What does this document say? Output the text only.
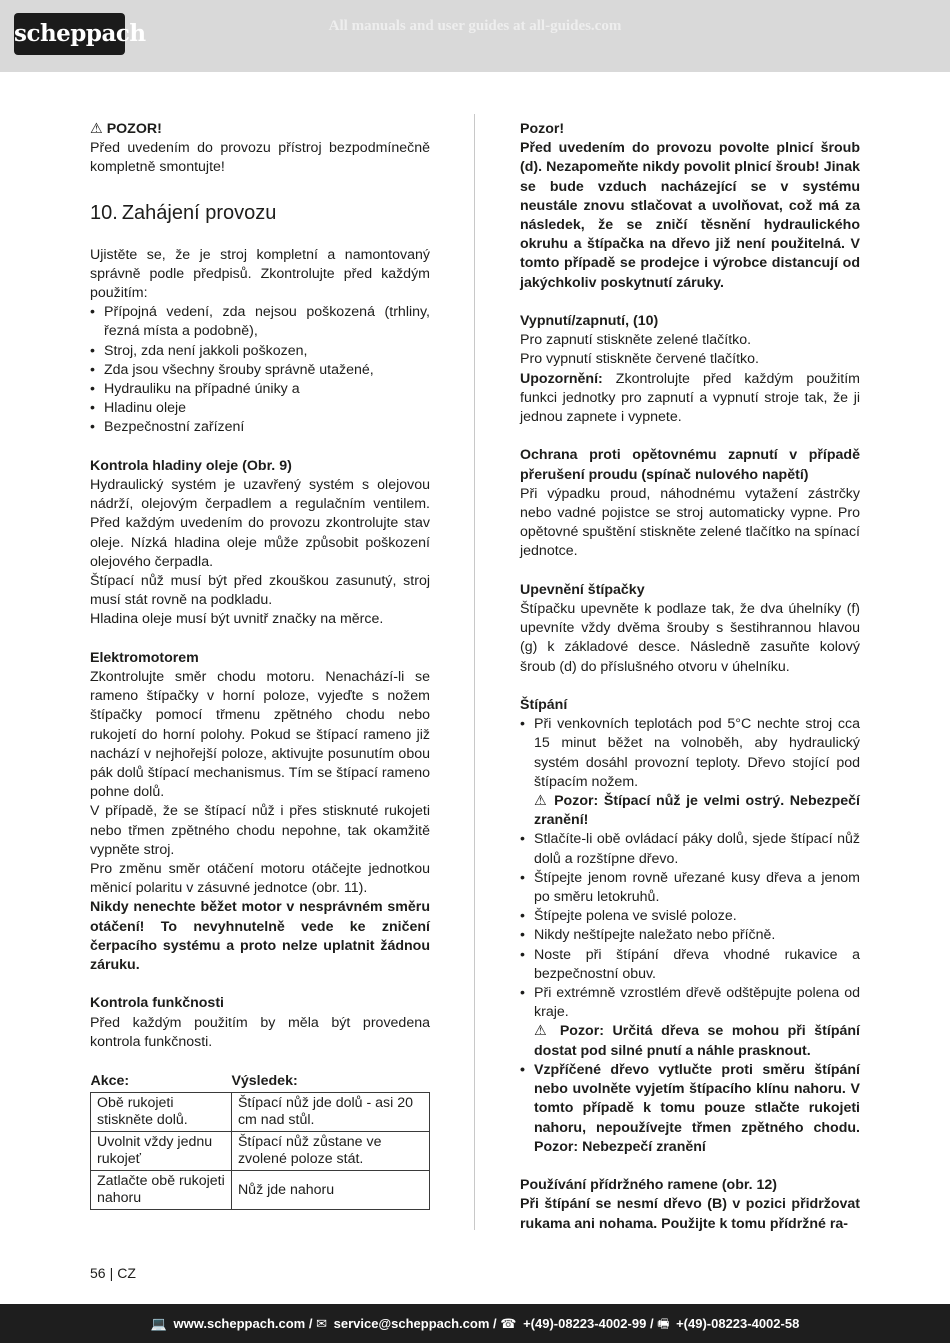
scheppach	All manuals and user guides at all-guides.com

⚠ POZOR!

Před uvedením do provozu přístroj bezpodmínečně kompletně smontujte!

10. Zahájení provozu

Ujistěte se, že je stroj kompletní a namontovaný správně podle předpisů. Zkontrolujte před každým použitím:

• Přípojná vedení, zda nejsou poškozená (trhliny, řezná místa a podobně),
• Stroj, zda není jakkoli poškozen,
• Zda jsou všechny šrouby správně utažené,
• Hydrauliku na případné úniky a
• Hladinu oleje
• Bezpečnostní zařízení

Kontrola hladiny oleje (Obr. 9)

Hydraulický systém je uzavřený systém s olejovou nádrží, olejovým čerpadlem a regulačním ventilem. Před každým uvedením do provozu zkontrolujte stav oleje. Nízká hladina oleje může způsobit poškození olejového čerpadla.

Štípací nůž musí být před zkouškou zasunutý, stroj musí stát rovně na podkladu.

Hladina oleje musí být uvnitř značky na měrce.

Elektromotorem

Zkontrolujte směr chodu motoru. Nenachází-li se rameno štípačky v horní poloze, vyjeďte s nožem štípačky pomocí třmenu zpětného chodu nebo rukojetí do horní polohy. Pokud se štípací rameno již nachází v nejhořejší poloze, aktivujte posunutím obou pák dolů štípací mechanismus. Tím se štípací rameno pohne dolů.

V případě, že se štípací nůž i přes stisknuté rukojeti nebo třmen zpětného chodu nepohne, tak okamžitě vypněte stroj.

Pro změnu směr otáčení motoru otáčejte jednotkou měnicí polaritu v zásuvné jednotce (obr. 11).

Nikdy nenechte běžet motor v nesprávném směru otáčení! To nevyhnutelně vede ke zničení čerpacího systému a proto nelze uplatnit žádnou záruku.

Kontrola funkčnosti

Před každým použitím by měla být provedena kontrola funkčnosti.

Akce:	Výsledek:
Obě rukojeti stiskněte dolů.	Štípací nůž jde dolů - asi 20 cm nad stůl.
Uvolnit vždy jednu rukojeť	Štípací nůž zůstane ve zvolené poloze stát.
Zatlačte obě rukojeti nahoru	Nůž jde nahoru

Pozor!

Před uvedením do provozu povolte plnicí šroub (d). Nezapomeňte nikdy povolit plnicí šroub! Jinak se bude vzduch nacházející se v systému neustále znovu stlačovat a uvolňovat, což má za následek, že se zničí těsnění hydraulického okruhu a štípačka na dřevo již není použitelná. V tomto případě se prodejce i výrobce distancují od jakýchkoliv poskytnutí záruky.

Vypnutí/zapnutí, (10)

Pro zapnutí stiskněte zelené tlačítko.

Pro vypnutí stiskněte červené tlačítko.

Upozornění: Zkontrolujte před každým použitím funkci jednotky pro zapnutí a vypnutí stroje tak, že ji jednou zapnete i vypnete.

Ochrana proti opětovnému zapnutí v případě přerušení proudu (spínač nulového napětí)

Při výpadku proud, náhodnému vytažení zástrčky nebo vadné pojistce se stroj automaticky vypne. Pro opětovné spuštění stiskněte zelené tlačítko na spínací jednotce.

Upevnění štípačky

Štípačku upevněte k podlaze tak, že dva úhelníky (f) upevníte vždy dvěma šrouby s šestihrannou hlavou (g) k základové desce. Následně zasuňte kolový šroub (d) do příslušného otvoru v úhelníku.

Štípání

• Při venkovních teplotách pod 5°C nechte stroj cca 15 minut běžet na volnoběh, aby hydraulický systém dosáhl provozní teploty. Dřevo stojící pod štípacím nožem.

⚠ Pozor: Štípací nůž je velmi ostrý. Nebezpečí zranění!

• Stlačíte-li obě ovládací páky dolů, sjede štípací nůž dolů a rozštípne dřevo.
• Štípejte jenom rovně uřezané kusy dřeva a jenom po směru letokruhů.
• Štípejte polena ve svislé poloze.
• Nikdy neštípejte naležato nebo příčně.
• Noste při štípání dřeva vhodné rukavice a bezpečnostní obuv.
• Při extrémně vzrostlém dřevě odštěpujte polena od kraje.

⚠ Pozor: Určitá dřeva se mohou při štípání dostat pod silné pnutí a náhle prasknout.

• Vzpříčené dřevo vytlučte proti směru štípání nebo uvolněte vyjetím štípacího klínu nahoru. V tomto případě k tomu pouze stlačte rukojeti nahoru, nepoužívejte třmen zpětného chodu. Pozor: Nebezpečí zranění

Používání přídržného ramene (obr. 12)

Při štípání se nesmí dřevo (B) v pozici přidržovat rukama ani nohama. Použijte k tomu přídržné ra-

56 | CZ
💻 www.scheppach.com / ✉ service@scheppach.com / ☎ +(49)-08223-4002-99 / 🖷 +(49)-08223-4002-58
